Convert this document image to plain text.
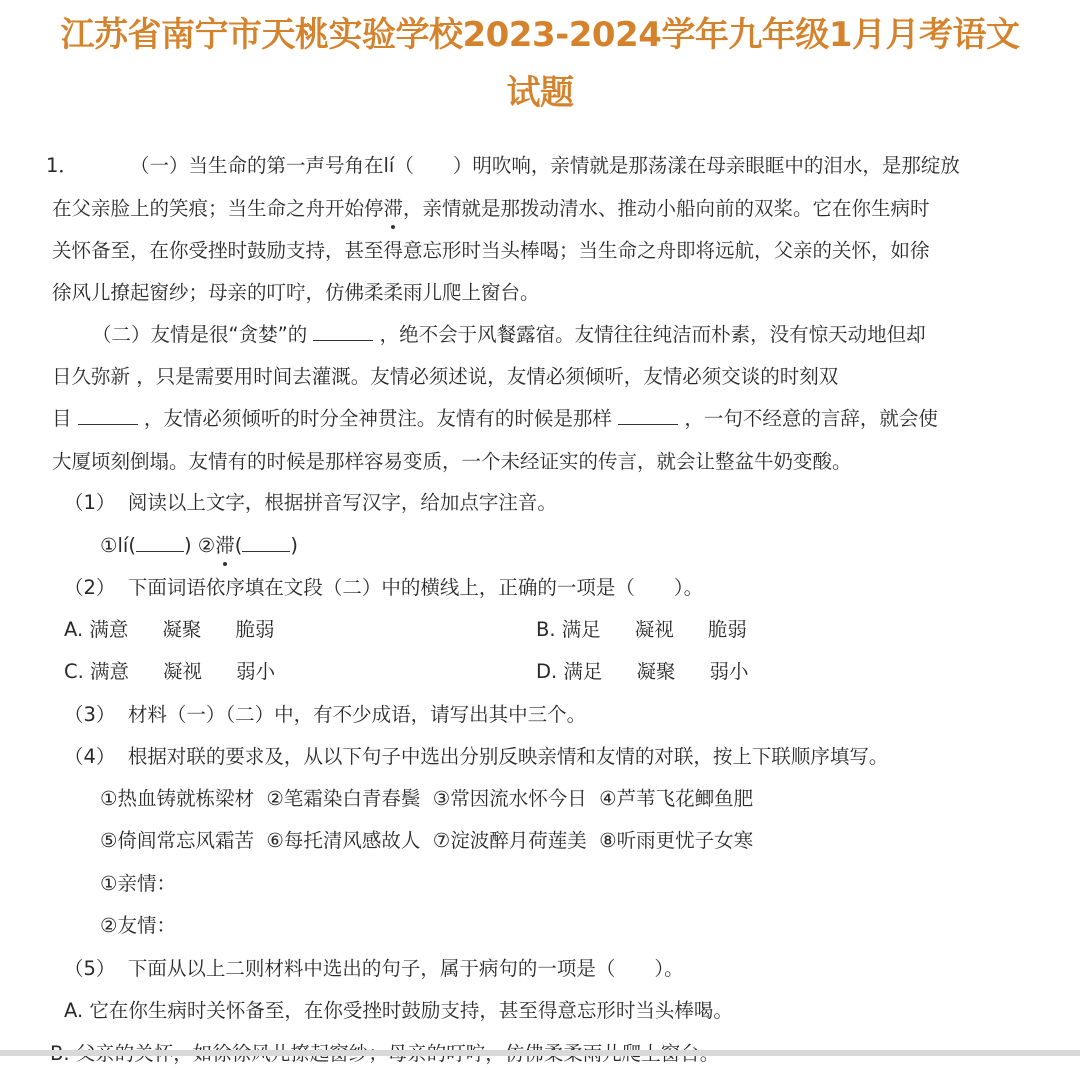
江苏省南宁市天桃实验学校2023-2024学年九年级1月月考语文
试题
1．	（一）当生命的第一声号角在lí（　　）明吹响，亲情就是那荡漾在母亲眼眶中的泪水，是那绽放
在父亲脸上的笑痕；当生命之舟开始停滞，亲情就是那拨动清水、推动小船向前的双桨。它在你生病时
关怀备至，在你受挫时鼓励支持，甚至得意忘形时当头棒喝；当生命之舟即将远航，父亲的关怀，如徐
徐风儿撩起窗纱；母亲的叮咛，仿佛柔柔雨儿爬上窗台。
（二）友情是很“贪婪”的	，绝不会于风餐露宿。友情往往纯洁而朴素，没有惊天动地但却
日久弥新 ，只是需要用时间去灌溉。友情必须述说，友情必须倾听，友情必须交谈的时刻双
目	，友情必须倾听的时分全神贯注。友情有的时候是那样	，一句不经意的言辞，就会使
大厦顷刻倒塌。友情有的时候是那样容易变质，一个未经证实的传言，就会让整盆牛奶变酸。
（1） 阅读以上文字，根据拼音写汉字，给加点字注音。
①lí( ) ②滞( )
（2） 下面词语依序填在文段（二）中的横线上，正确的一项是（　　）。
A. 满意 凝聚 脆弱	B. 满足 凝视 脆弱
C. 满意 凝视 弱小	D. 满足 凝聚 弱小
（3） 材料（一）（二）中，有不少成语，请写出其中三个。
（4） 根据对联的要求及，从以下句子中选出分别反映亲情和友情的对联，按上下联顺序填写。
①热血铸就栋梁材 ②笔霜染白青春鬓 ③常因流水怀今日 ④芦苇飞花鲫鱼肥
⑤倚闾常忘风霜苦 ⑥每托清风感故人 ⑦淀波醉月荷莲美 ⑧听雨更忧子女寒
①亲情：
②友情：
（5） 下面从以上二则材料中选出的句子，属于病句的一项是（　　）。
A. 它在你生病时关怀备至，在你受挫时鼓励支持，甚至得意忘形时当头棒喝。
